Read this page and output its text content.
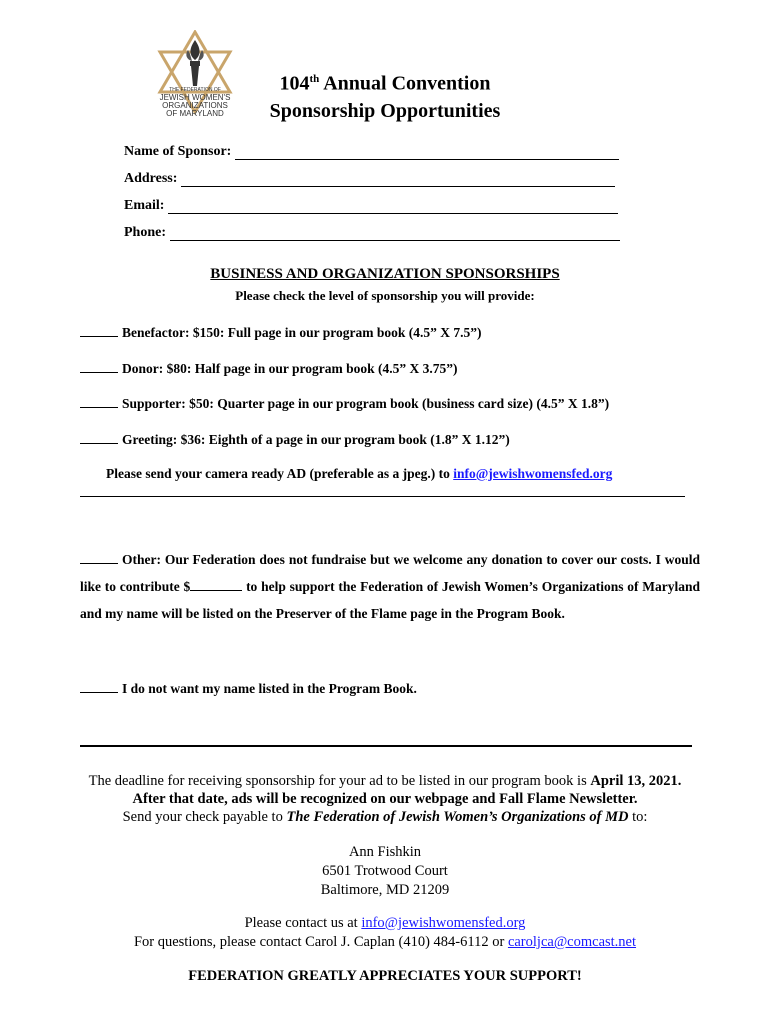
THE FEDERATION OF
JEWISH WOMEN'S
ORGANIZATIONS
OF MARYLAND
104th Annual Convention
Sponsorship Opportunities
Name of Sponsor:
Address:
Email:
Phone:
BUSINESS AND ORGANIZATION SPONSORSHIPS
Please check the level of sponsorship you will provide:
Benefactor: $150: Full page in our program book (4.5” X 7.5”)
Donor: $80: Half page in our program book (4.5” X 3.75”)
Supporter: $50: Quarter page in our program book (business card size) (4.5” X 1.8”)
Greeting: $36: Eighth of a page in our program book (1.8” X 1.12”)
Please send your camera ready AD (preferable as a jpeg.) to info@jewishwomensfed.org
Other: Our Federation does not fundraise but we welcome any donation to cover our costs. I would like to contribute $	to help support the Federation of Jewish Women’s Organizations of Maryland and my name will be listed on the Preserver of the Flame page in the Program Book.
I do not want my name listed in the Program Book.
The deadline for receiving sponsorship for your ad to be listed in our program book is April 13, 2021.
After that date, ads will be recognized on our webpage and Fall Flame Newsletter.
Send your check payable to The Federation of Jewish Women’s Organizations of MD to:
Ann Fishkin
6501 Trotwood Court
Baltimore, MD 21209
Please contact us at info@jewishwomensfed.org
For questions, please contact Carol J. Caplan (410) 484-6112 or caroljca@comcast.net
FEDERATION GREATLY APPRECIATES YOUR SUPPORT!
